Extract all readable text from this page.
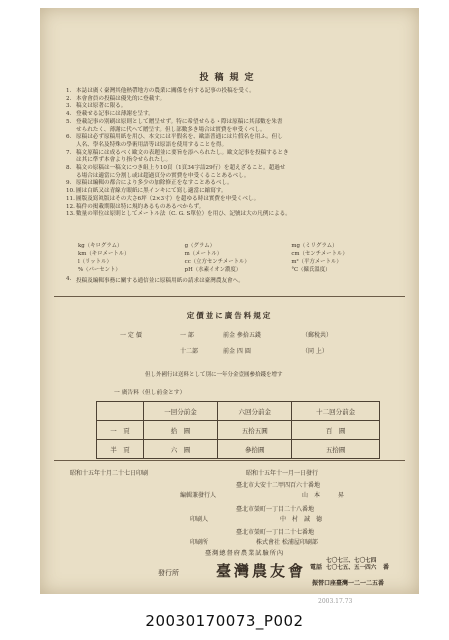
投稿規定
1. 本誌は廣く臺灣其他熱帶地方の農業に關係を有する記事の投稿を受く。
2. 本會會員の投稿は優先的に登載す。
3. 稿文は原著に限る。
4. 登載せる記事には薄謝を呈す。
5. 登載記事の別刷は原則として贈呈せず。特に希望せらるゝ際は原稿に其部數を朱書
せられたく、薄謝に代へて贈呈す。但し部數多き場合は實費を申受くべし。
6. 原稿は必ず原稿用紙を用ひ、本文には平假名を、歐語普通には片假名を用ふ。但し
人名、學名及特殊の學術用語等は原語を使用することを得。
7. 稿文原稿には成るべく歐文の表題並に要旨を添へられたし。歐文記事を投稿するとき
は其に準ず本會より指令せられたし。
8. 稿文の原稿は一稿文につき組上り10頁（1頁34字詰29行）を超えざること。超過せ
る場合は適當に分割し或は超過頁分の實費を申受くることあるべし。
9. 原稿は編輯の都合により多少の加除修正をなすことあるべし。
10. 圖は白紙又は青線方眼紙に黑インキにて寫し適當に縮寫す。
11. 圖版及寫眞版はその大さ6坪（2×3寸）を超ゆる時は實費を申受くべし。
12. 稿件の掲載期限は特に規約あるものあるべからず。
13. 數量の單位は原則としてメートル法（C. G. S單位）を用ひ、記號は大の凡例による。
kg（キログラム）	g（グラム）	mg（ミリグラム）
km（キロメートル）	m（メートル）	cm（センチメートル）
l（リットル）	cc（立方センチメートル）	m²（平方メートル）
%（パーセント）	pH（水素イオン濃度）	°C（攝氏溫度）
4. 投稿及編輯事務に關する通信並に原稿用紙の請求は臺灣農友會へ。
定價並に廣告料規定
一 定 價	一 部	前金 參拾五錢	（郵稅共）
十二部	前金 四 圓	（同 上）
但し外國行は送料として別に一年分金壹圓參拾錢を增す
一 廣告料（但し前金とす）
	一回分前金	六回分前金	十二回分前金
一　頁	拾　圓	五拾五圓	百　圓
半　頁	六　圓	參拾圓	五拾圓
昭和十五年十月二十七日印刷	昭和十五年十一月一日發行
臺北市大安十二甲四百六十番地
編輯兼發行人	山　本　　　昇
臺北市榮町一丁目二十八番地
印刷人	中　村　誠　德
臺北市榮町一丁目二十七番地
印刷所	株式會社 松浦屋印刷部
臺灣總督府農業試驗所內
發行所 臺灣農友會 電話
七〇七三、七〇七四
七〇七五、五一四六 番
振替口座臺灣一二一二五番
2003.17.73
20030170073_P002
